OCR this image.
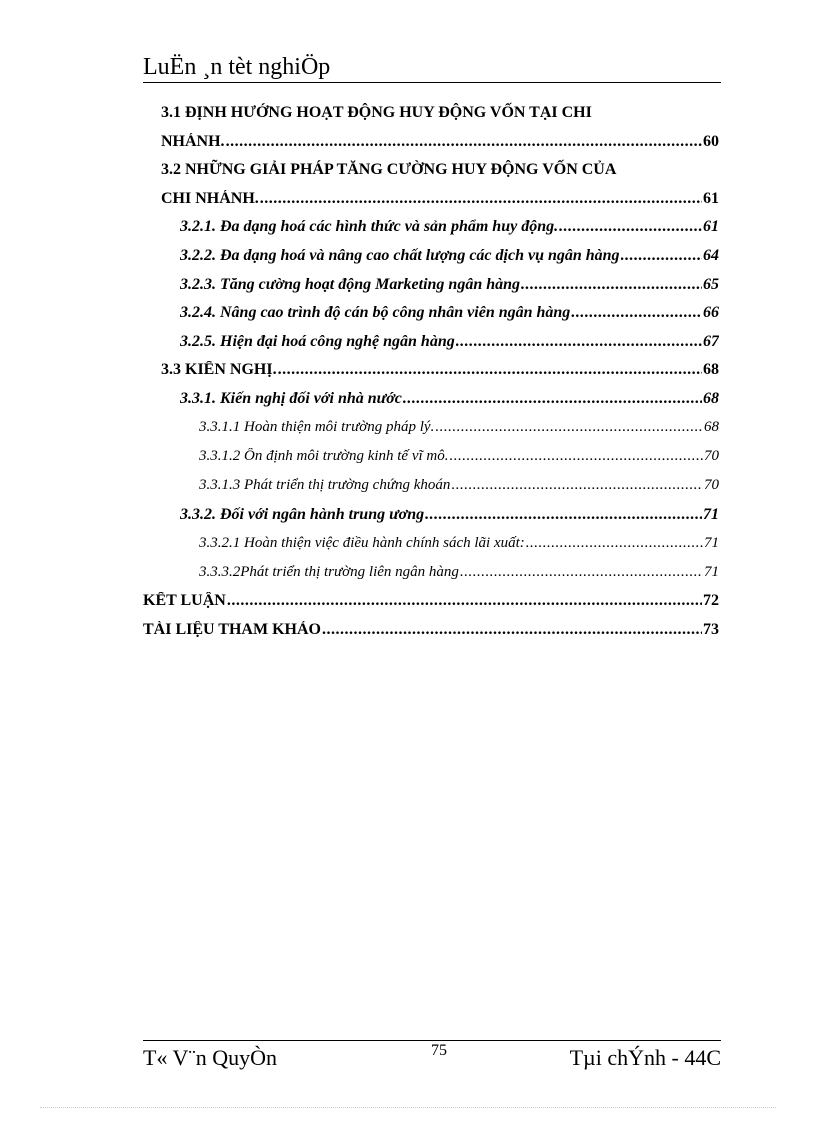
LuËn ¸n tèt nghiÖp
3.1 ĐỊNH HƯỚNG HOẠT ĐỘNG HUY ĐỘNG VỐN TẠI CHI
NHÁNH. .....	60
3.2 NHỮNG GIẢI PHÁP TĂNG CƯỜNG HUY ĐỘNG VỐN CỦA
CHI NHÁNH. .....	61
3.2.1. Đa dạng hoá các hình thức và sản phẩm huy động. .....	61
3.2.2. Đa dạng hoá và nâng cao chất lượng các dịch vụ ngân hàng .....	64
3.2.3. Tăng cường hoạt động Marketing ngân hàng .....	65
3.2.4. Nâng cao trình độ cán bộ công nhân viên ngân hàng .....	66
3.2.5. Hiện đại hoá công nghệ ngân hàng .....	67
3.3 KIẾN NGHỊ. .....	68
3.3.1. Kiến nghị đối với nhà nước .....	68
3.3.1.1 Hoàn thiện môi trường pháp lý. .....	68
3.3.1.2 Ổn định môi trường kinh tế vĩ mô. .....	70
3.3.1.3 Phát triển thị trường chứng khoán .....	70
3.3.2. Đối với ngân hành trung ương .....	71
3.3.2.1 Hoàn thiện việc điều hành chính sách lãi xuất: .....	71
3.3.3.2Phát triển thị trường liên ngân hàng .....	71
KẾT LUẬN .....	72
TÀI LIỆU THAM KHẢO .....	73
T« V¨n QuyÒn	75	Tµi chÝnh - 44C
